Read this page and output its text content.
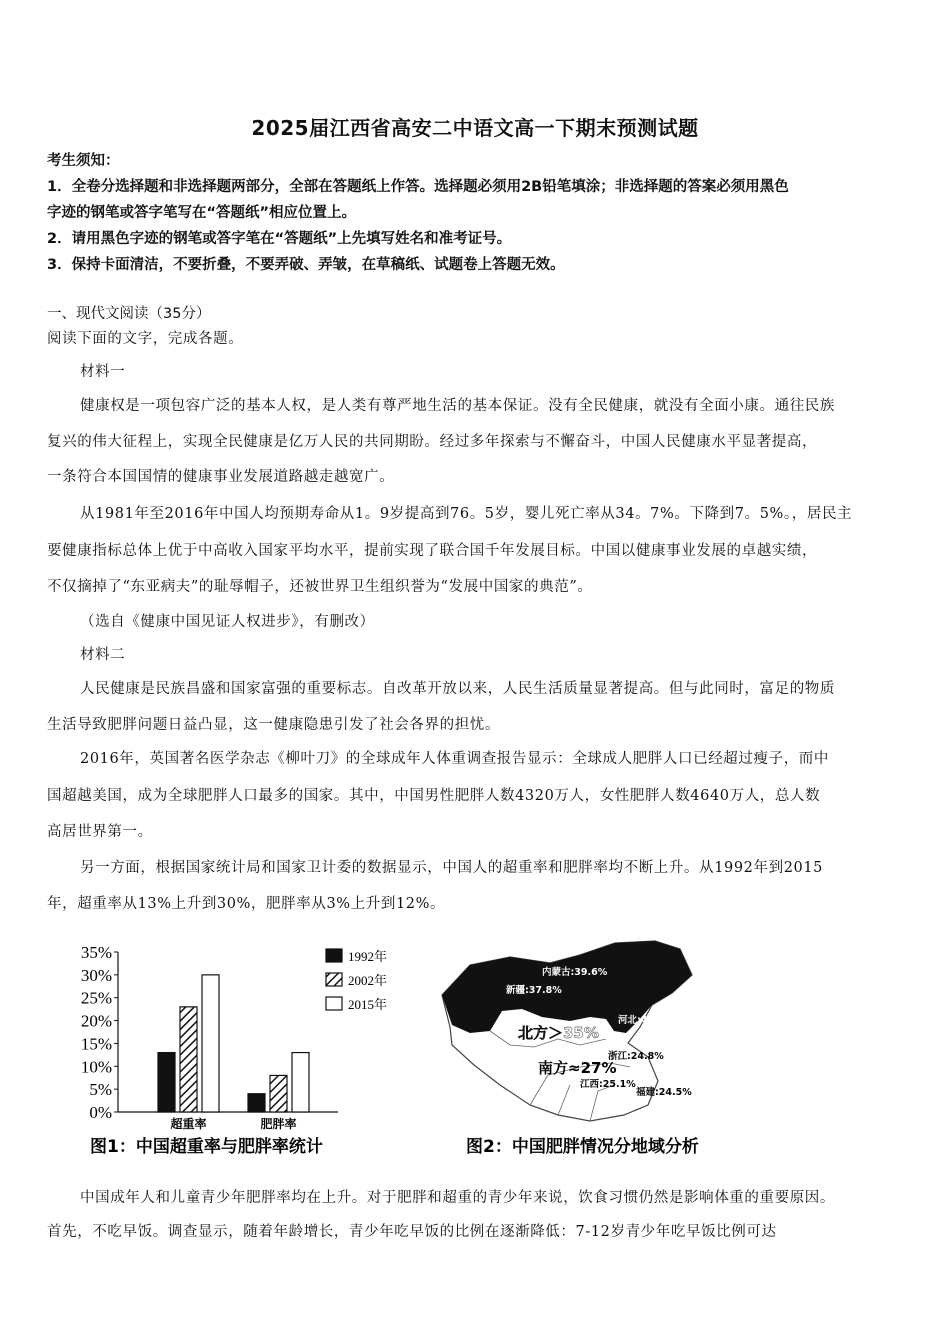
2025届江西省高安二中语文高一下期末预测试题
考生须知：
1．全卷分选择题和非选择题两部分，全部在答题纸上作答。选择题必须用2B铅笔填涂；非选择题的答案必须用黑色
字迹的钢笔或答字笔写在“答题纸”相应位置上。
2．请用黑色字迹的钢笔或答字笔在“答题纸”上先填写姓名和准考证号。
3．保持卡面清洁，不要折叠，不要弄破、弄皱，在草稿纸、试题卷上答题无效。
一、现代文阅读（35分）
阅读下面的文字，完成各题。
材料一
健康权是一项包容广泛的基本人权，是人类有尊严地生活的基本保证。没有全民健康，就没有全面小康。通往民族
复兴的伟大征程上，实现全民健康是亿万人民的共同期盼。经过多年探索与不懈奋斗，中国人民健康水平显著提高，
一条符合本国国情的健康事业发展道路越走越宽广。
从1981年至2016年中国人均预期寿命从1。9岁提高到76。5岁，婴儿死亡率从34。7%。下降到7。5%。，居民主
要健康指标总体上优于中高收入国家平均水平，提前实现了联合国千年发展目标。中国以健康事业发展的卓越实绩，
不仅摘掉了“东亚病夫”的耻辱帽子，还被世界卫生组织誉为“发展中国家的典范”。
（选自《健康中国见证人权进步》，有删改）
材料二
人民健康是民族昌盛和国家富强的重要标志。自改革开放以来，人民生活质量显著提高。但与此同时，富足的物质
生活导致肥胖问题日益凸显，这一健康隐患引发了社会各界的担忧。
2016年，英国著名医学杂志《柳叶刀》的全球成年人体重调查报告显示：全球成人肥胖人口已经超过瘦子，而中
国超越美国，成为全球肥胖人口最多的国家。其中，中国男性肥胖人数4320万人，女性肥胖人数4640万人，总人数
高居世界第一。
另一方面，根据国家统计局和国家卫计委的数据显示，中国人的超重率和肥胖率均不断上升。从1992年到2015
年，超重率从13%上升到30%，肥胖率从3%上升到12%。
0%
5%
10%
15%
20%
25%
30%
35%
超重率	肥胖率
1992年
2002年
2015年
图1：中国超重率与肥胖率统计
内蒙古:39.6%
新疆:37.8%
河北:41.9%
北方＞35%
浙江:24.8%
南方≈27%
江西:25.1%
福建:24.5%
图2：中国肥胖情况分地域分析
中国成年人和儿童青少年肥胖率均在上升。对于肥胖和超重的青少年来说，饮食习惯仍然是影响体重的重要原因。
首先，不吃早饭。调查显示，随着年龄增长，青少年吃早饭的比例在逐渐降低：7-12岁青少年吃早饭比例可达
